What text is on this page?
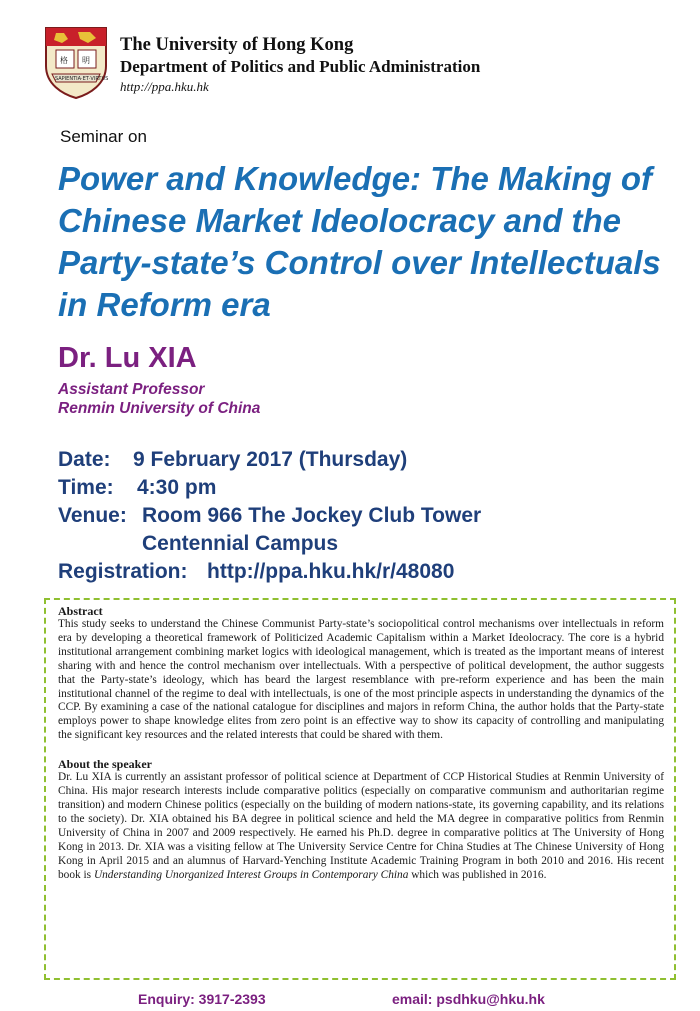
格 明
SAPIENTIA·ET·VIRTUS
The University of Hong Kong
Department of Politics and Public Administration
http://ppa.hku.hk
Seminar on
Power and Knowledge: The Making of Chinese Market Ideolocracy and the Party-state’s Control over Intellectuals in Reform era
Dr. Lu XIA
Assistant Professor
Renmin University of China
Date:	9 February 2017 (Thursday)
Time:	4:30 pm
Venue: Room 966 The Jockey Club Tower
Centennial Campus
Registration: http://ppa.hku.hk/r/48080
Abstract

This study seeks to understand the Chinese Communist Party-state’s sociopolitical control mechanisms over intellectuals in reform era by developing a theoretical framework of Politicized Academic Capitalism within a Market Ideolocracy. The core is a hybrid institutional arrangement combining market logics with ideological management, which is treated as the important means of interest sharing with and hence the control mechanism over intellectuals. With a perspective of political development, the author suggests that the Party-state’s ideology, which has beard the largest resemblance with pre-reform experience and has been the main institutional channel of the regime to deal with intellectuals, is one of the most principle aspects in understanding the dynamics of the CCP. By examining a case of the national catalogue for disciplines and majors in reform China, the author holds that the Party-state employs power to shape knowledge elites from zero point is an effective way to show its capacity of controlling and manipulating the significant key resources and the related interests that could be shared with them.

About the speaker

Dr. Lu XIA is currently an assistant professor of political science at Department of CCP Historical Studies at Renmin University of China. His major research interests include comparative politics (especially on comparative communism and authoritarian regime transition) and modern Chinese politics (especially on the building of modern nations-state, its governing capability, and its relations to the society). Dr. XIA obtained his BA degree in political science and held the MA degree in comparative politics from Renmin University of China in 2007 and 2009 respectively. He earned his Ph.D. degree in comparative politics at The University of Hong Kong in 2013. Dr. XIA was a visiting fellow at The University Service Centre for China Studies at The Chinese University of Hong Kong in April 2015 and an alumnus of Harvard-Yenching Institute Academic Training Program in both 2010 and 2016. His recent book is Understanding Unorganized Interest Groups in Contemporary China which was published in 2016.

Enquiry: 3917-2393	email: psdhku@hku.hk
